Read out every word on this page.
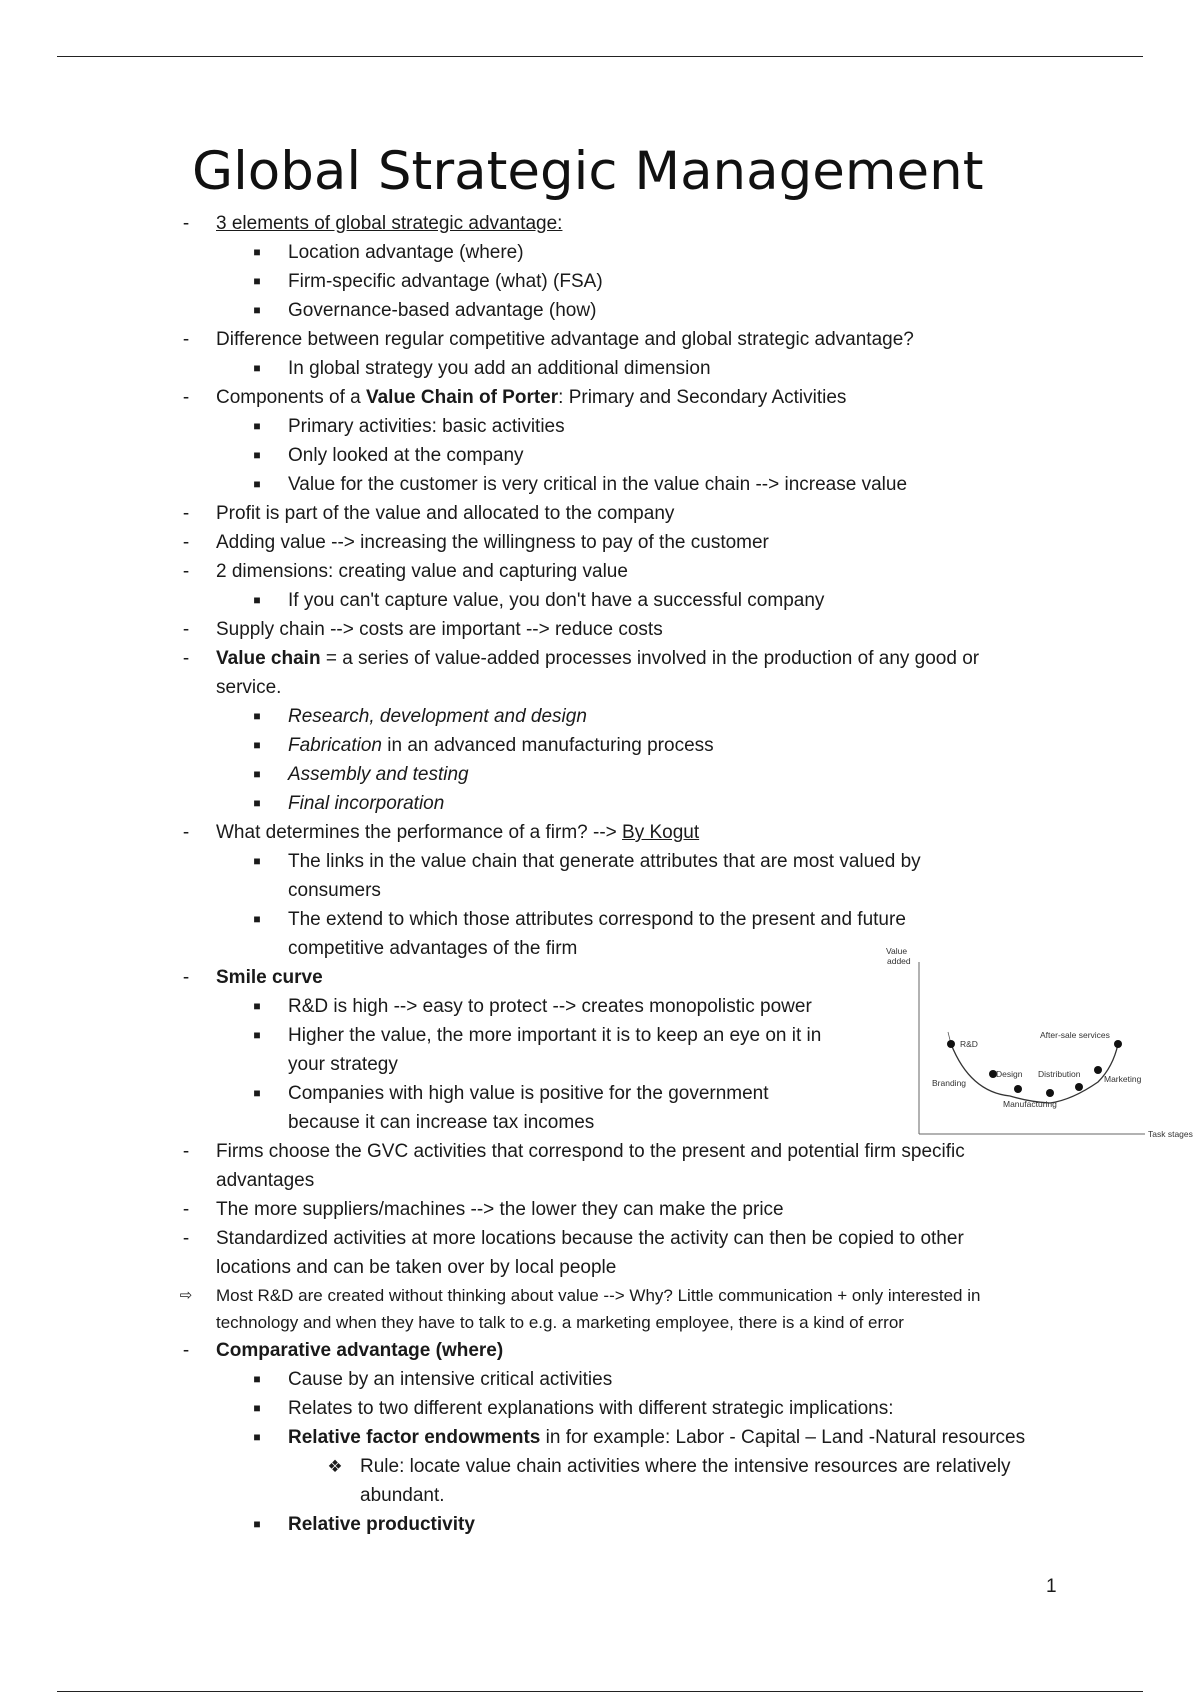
Global Strategic Management
-	3 elements of global strategic advantage:
■	Location advantage (where)
■	Firm-specific advantage (what) (FSA)
■	Governance-based advantage (how)
-	Difference between regular competitive advantage and global strategic advantage?
■	In global strategy you add an additional dimension
-	Components of a Value Chain of Porter: Primary and Secondary Activities
■	Primary activities: basic activities
■	Only looked at the company
■	Value for the customer is very critical in the value chain --> increase value
-	Profit is part of the value and allocated to the company
-	Adding value --> increasing the willingness to pay of the customer
-	2 dimensions: creating value and capturing value
■	If you can't capture value, you don't have a successful company
-	Supply chain --> costs are important --> reduce costs
-	Value chain = a series of value-added processes involved in the production of any good or
service.
■	Research, development and design
■	Fabrication in an advanced manufacturing process
■	Assembly and testing
■	Final incorporation
-	What determines the performance of a firm? --> By Kogut
■	The links in the value chain that generate attributes that are most valued by
consumers
■	The extend to which those attributes correspond to the present and future
competitive advantages of the firm
-	Smile curve
■	R&D is high --> easy to protect --> creates monopolistic power
■	Higher the value, the more important it is to keep an eye on it in
your strategy
■	Companies with high value is positive for the government
because it can increase tax incomes
-	Firms choose the GVC activities that correspond to the present and potential firm specific
advantages
-	The more suppliers/machines --> the lower they can make the price
-	Standardized activities at more locations because the activity can then be copied to other
locations and can be taken over by local people
⇨ Most R&D are created without thinking about value --> Why? Little communication + only interested in
technology and when they have to talk to e.g. a marketing employee, there is a kind of error
-	Comparative advantage (where)
■	Cause by an intensive critical activities
■	Relates to two different explanations with different strategic implications:
■	Relative factor endowments in for example: Labor - Capital – Land -Natural resources
❖ Rule: locate value chain activities where the intensive resources are relatively
abundant.
■	Relative productivity
Value
added
Task stages
R&D
After-sale services
Design Distribution
Branding	Marketing
Manufacturing
1
